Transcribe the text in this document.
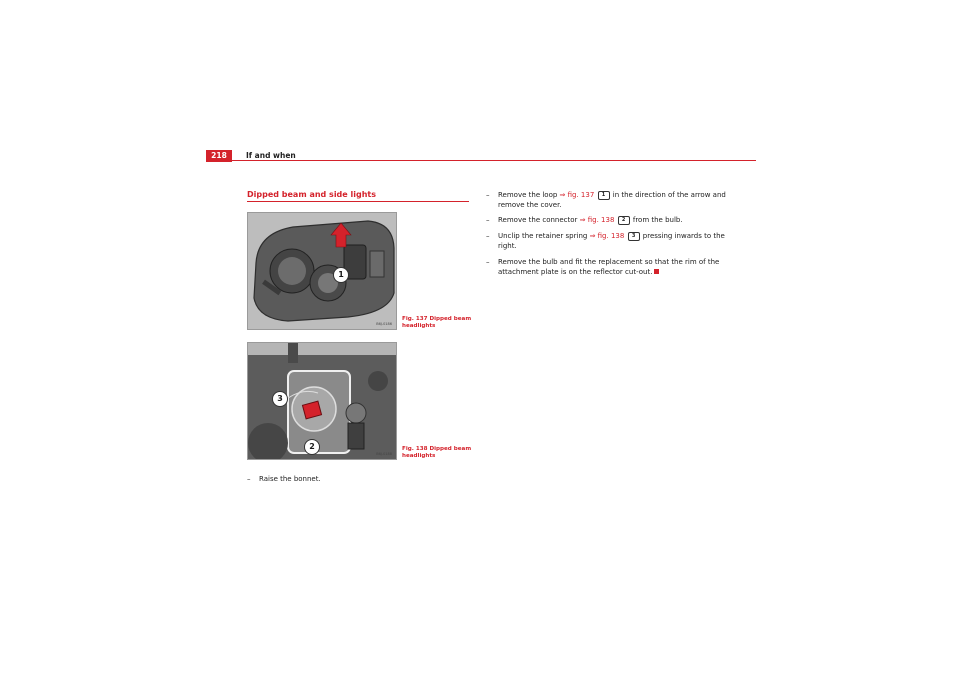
218	If and when
Dipped beam and side lights
1
B6J-0186
Fig. 137 Dipped beam headlights
3
2
B6J-0188
Fig. 138 Dipped beam headlights
– Raise the bonnet.
– Remove the loop ⇒ fig. 137 1 in the direction of the arrow and
remove the cover.
– Remove the connector ⇒ fig. 138 2 from the bulb.
– Unclip the retainer spring ⇒ fig. 138 3 pressing inwards to the
right.
– Remove the bulb and fit the replacement so that the rim of the
attachment plate is on the reflector cut-out.
